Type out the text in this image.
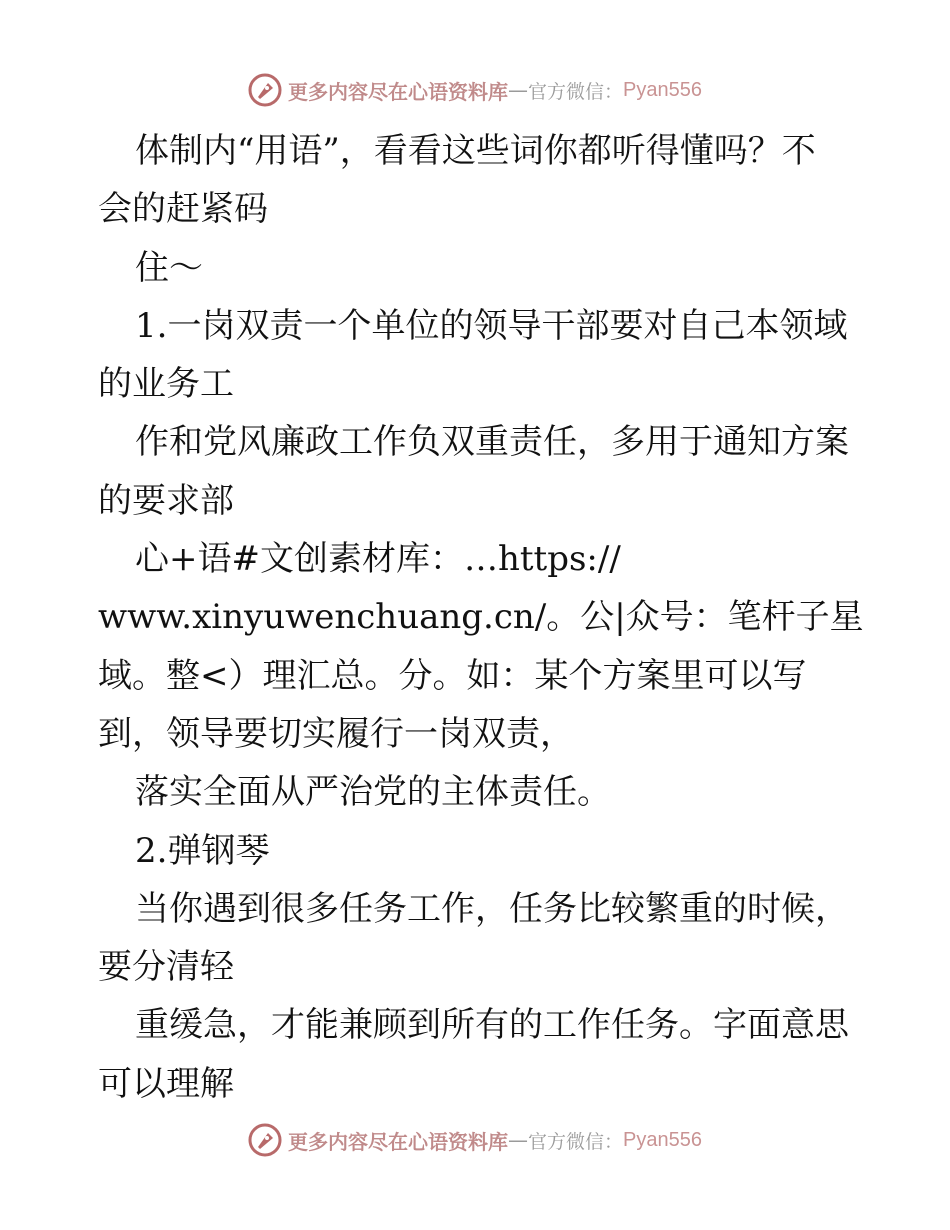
更多内容尽在心语资料库 — 官方微信： Pyan556

体制内“用语”，看看这些词你都听得懂吗？不

会的赶紧码

住～

1.一岗双责一个单位的领导干部要对自己本领域

的业务工

作和党风廉政工作负双重责任，多用于通知方案

的要求部

心+语#文创素材库：…https://

www.xinyuwenchuang.cn/。公|众号：笔杆子星

域。整<）理汇总。分。如：某个方案里可以写

到，领导要切实履行一岗双责，

落实全面从严治党的主体责任。

2.弹钢琴

当你遇到很多任务工作，任务比较繁重的时候，

要分清轻

重缓急，才能兼顾到所有的工作任务。字面意思

可以理解

更多内容尽在心语资料库 — 官方微信： Pyan556
